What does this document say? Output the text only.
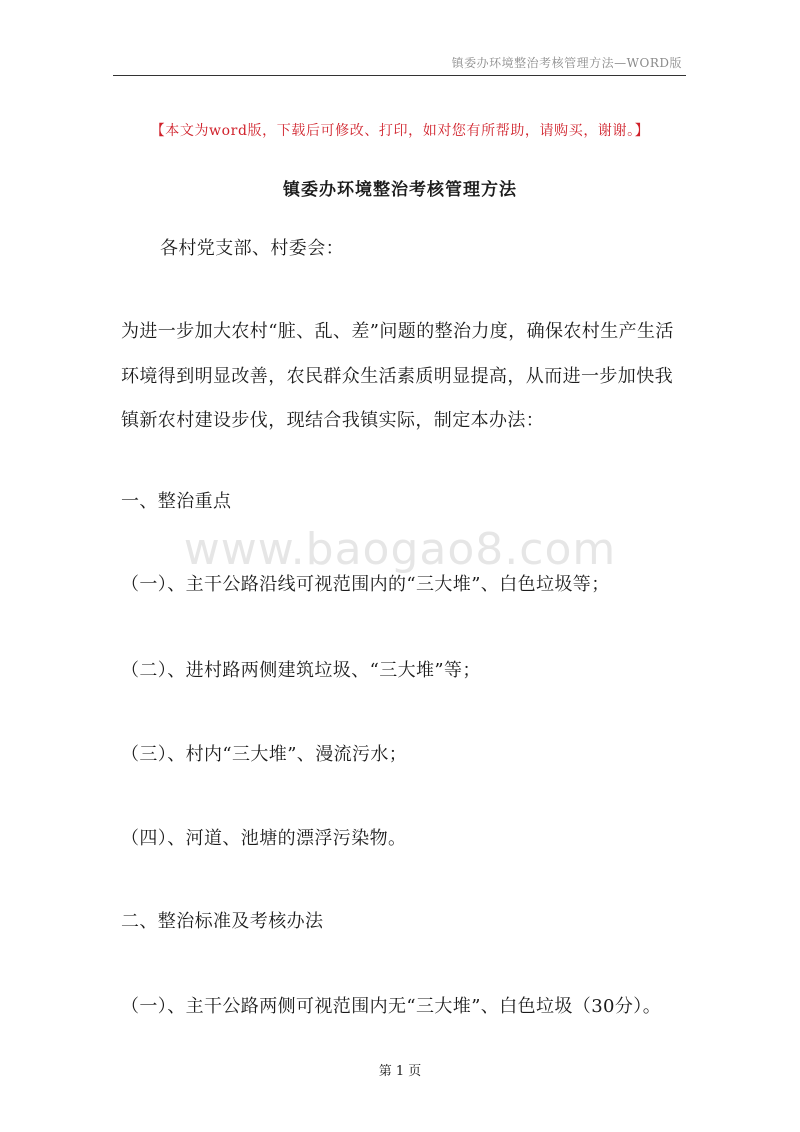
镇委办环境整治考核管理方法—WORD版
【本文为word版，下载后可修改、打印，如对您有所帮助，请购买，谢谢。】
镇委办环境整治考核管理方法
各村党支部、村委会：
为进一步加大农村“脏、乱、差”问题的整治力度，确保农村生产生活
环境得到明显改善，农民群众生活素质明显提高，从而进一步加快我
镇新农村建设步伐，现结合我镇实际，制定本办法：
一、整治重点
www.baogao8.com
（一）、主干公路沿线可视范围内的“三大堆”、白色垃圾等；
（二）、进村路两侧建筑垃圾、“三大堆”等；
（三）、村内“三大堆”、漫流污水；
（四）、河道、池塘的漂浮污染物。
二、整治标准及考核办法
（一）、主干公路两侧可视范围内无“三大堆”、白色垃圾（30分）。
第 1 页
